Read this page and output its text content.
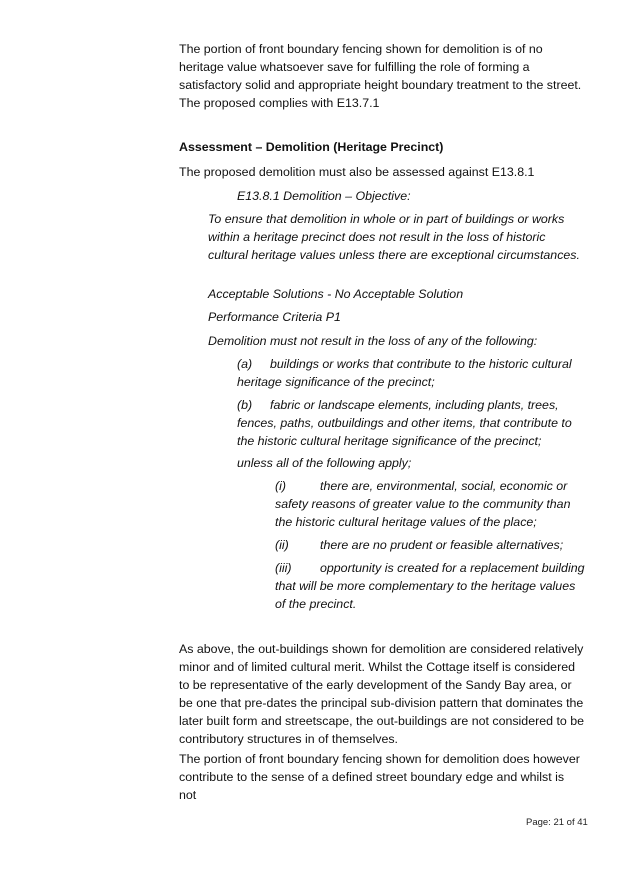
The portion of front boundary fencing shown for demolition is of no heritage value whatsoever save for fulfilling the role of forming a satisfactory solid and appropriate height boundary treatment to the street. The proposed complies with E13.7.1

Assessment – Demolition (Heritage Precinct)

The proposed demolition must also be assessed against E13.8.1

E13.8.1 Demolition – Objective:

To ensure that demolition in whole or in part of buildings or works within a heritage precinct does not result in the loss of historic cultural heritage values unless there are exceptional circumstances.

Acceptable Solutions - No Acceptable Solution

Performance Criteria P1

Demolition must not result in the loss of any of the following:

(a) buildings or works that contribute to the historic cultural heritage significance of the precinct;

(b) fabric or landscape elements, including plants, trees, fences, paths, outbuildings and other items, that contribute to the historic cultural heritage significance of the precinct;

unless all of the following apply;

(i)	there are, environmental, social, economic or safety reasons of greater value to the community than the historic cultural heritage values of the place;

(ii)	there are no prudent or feasible alternatives;

(iii) opportunity is created for a replacement building that will be more complementary to the heritage values of the precinct.

As above, the out-buildings shown for demolition are considered relatively minor and of limited cultural merit. Whilst the Cottage itself is considered to be representative of the early development of the Sandy Bay area, or be one that pre-dates the principal sub-division pattern that dominates the later built form and streetscape, the out-buildings are not considered to be contributory structures in of themselves.

The portion of front boundary fencing shown for demolition does however contribute to the sense of a defined street boundary edge and whilst is not

Page: 21 of 41
